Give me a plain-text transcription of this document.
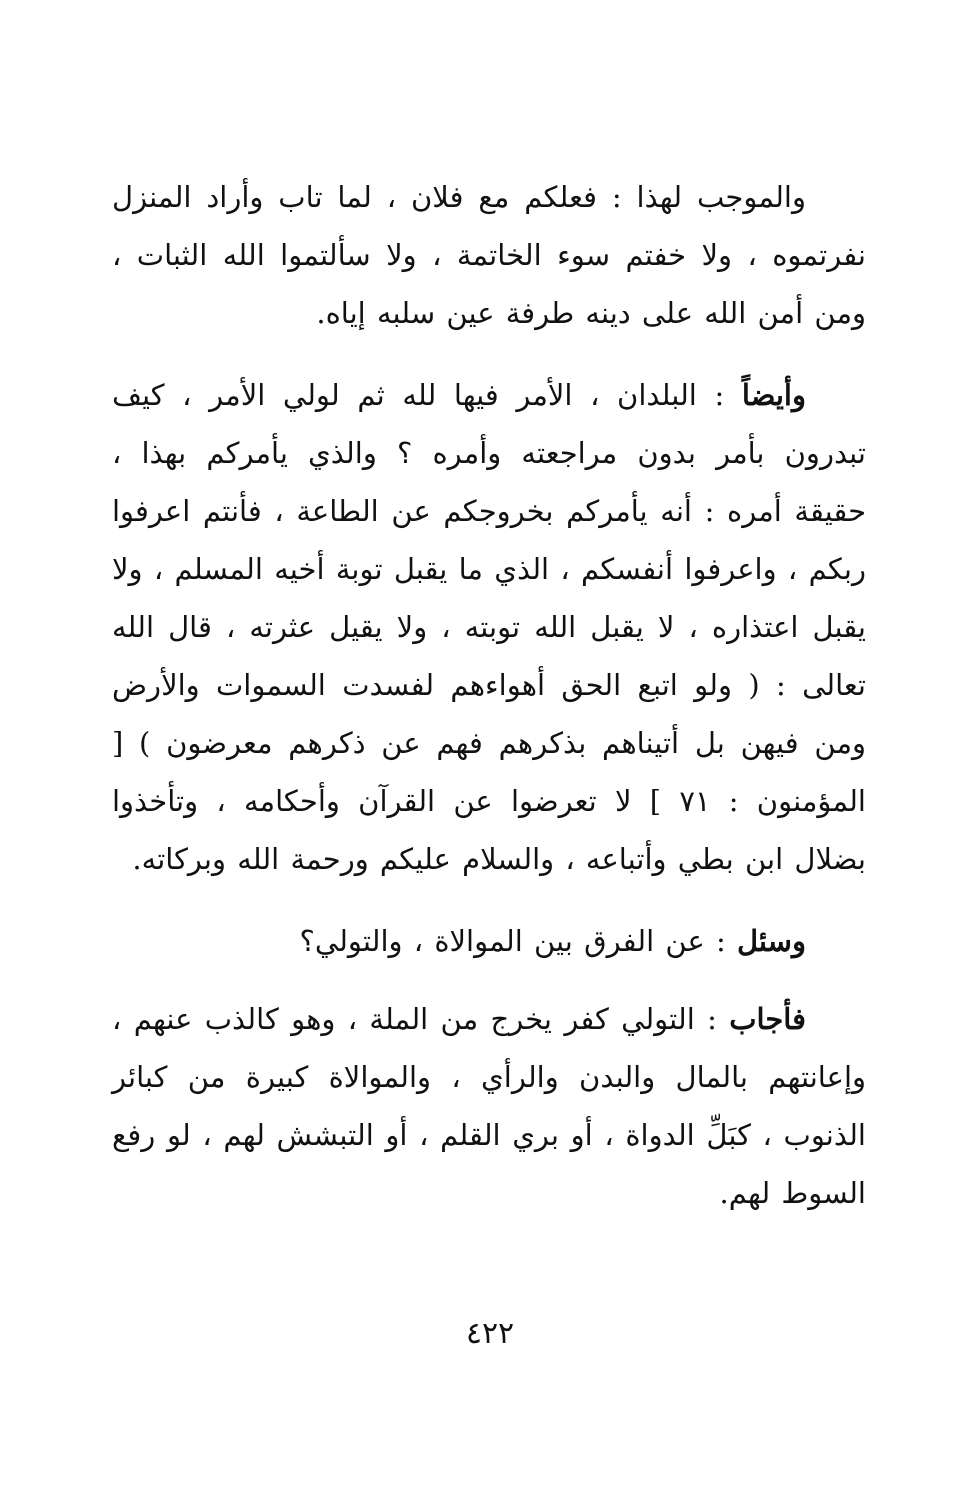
والموجب لهذا : فعلكم مع فلان ، لما تاب وأراد المنزل نفرتموه ، ولا خفتم سوء الخاتمة ، ولا سألتموا الله الثبات ، ومن أمن الله على دينه طرفة عين سلبه إياه.

وأيضاً : البلدان ، الأمر فيها لله ثم لولي الأمر ، كيف تبدرون بأمر بدون مراجعته وأمره ؟ والذي يأمركم بهذا ، حقيقة أمره : أنه يأمركم بخروجكم عن الطاعة ، فأنتم اعرفوا ربكم ، واعرفوا أنفسكم ، الذي ما يقبل توبة أخيه المسلم ، ولا يقبل اعتذاره ، لا يقبل الله توبته ، ولا يقيل عثرته ، قال الله تعالى : ( ولو اتبع الحق أهواءهم لفسدت السموات والأرض ومن فيهن بل أتيناهم بذكرهم فهم عن ذكرهم معرضون ) [ المؤمنون : ٧١ ] لا تعرضوا عن القرآن وأحكامه ، وتأخذوا بضلال ابن بطي وأتباعه ، والسلام عليكم ورحمة الله وبركاته.

وسئل : عن الفرق بين الموالاة ، والتولي؟

فأجاب : التولي كفر يخرج من الملة ، وهو كالذب عنهم ، وإعانتهم بالمال والبدن والرأي ، والموالاة كبيرة من كبائر الذنوب ، كبَلِّ الدواة ، أو بري القلم ، أو التبشش لهم ، لو رفع السوط لهم.

٤٢٢
